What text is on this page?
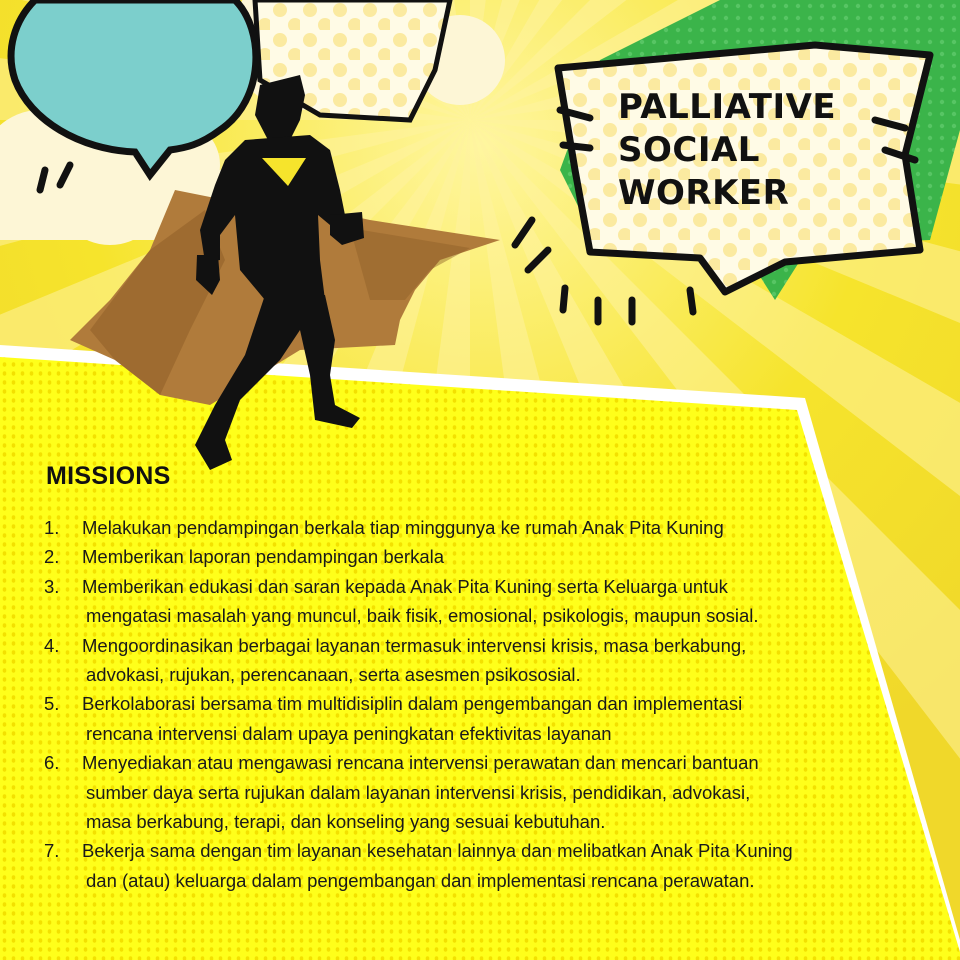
PALLIATIVE
SOCIAL
WORKER
MISSIONS
1.	Melakukan pendampingan berkala tiap minggunya ke rumah Anak Pita Kuning
2.	Memberikan laporan pendampingan berkala
3.	Memberikan edukasi dan saran kepada Anak Pita Kuning serta Keluarga untuk
mengatasi masalah yang muncul, baik fisik, emosional, psikologis, maupun sosial.
4.	Mengoordinasikan berbagai layanan termasuk intervensi krisis, masa berkabung,
advokasi, rujukan, perencanaan, serta asesmen psikososial.
5.	Berkolaborasi bersama tim multidisiplin dalam pengembangan dan implementasi
rencana intervensi dalam upaya peningkatan efektivitas layanan
6.	Menyediakan atau mengawasi rencana intervensi perawatan dan mencari bantuan
sumber daya serta rujukan dalam layanan intervensi krisis, pendidikan, advokasi,
masa berkabung, terapi, dan konseling yang sesuai kebutuhan.
7.	Bekerja sama dengan tim layanan kesehatan lainnya dan melibatkan Anak Pita Kuning
dan (atau) keluarga dalam pengembangan dan implementasi rencana perawatan.
